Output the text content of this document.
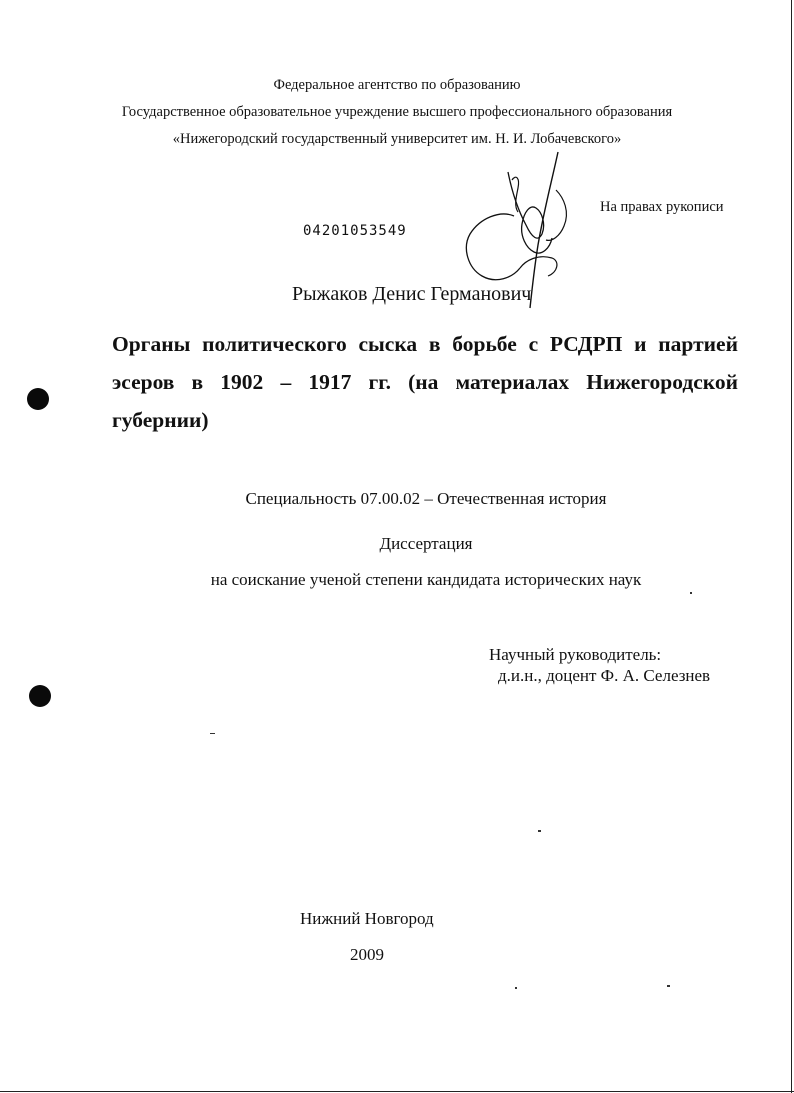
Федеральное агентство по образованию
Государственное образовательное учреждение высшего профессионального образования
«Нижегородский государственный университет им. Н. И. Лобачевского»
На правах рукописи
04201053549
Рыжаков Денис Германович
Органы политического сыска в борьбе с РСДРП и партией эсеров в 1902 – 1917 гг. (на материалах Нижегородской губернии)
Специальность 07.00.02 – Отечественная история
Диссертация
на соискание ученой степени кандидата исторических наук
Научный руководитель:
д.и.н., доцент Ф. А. Селезнев
Нижний Новгород
2009
